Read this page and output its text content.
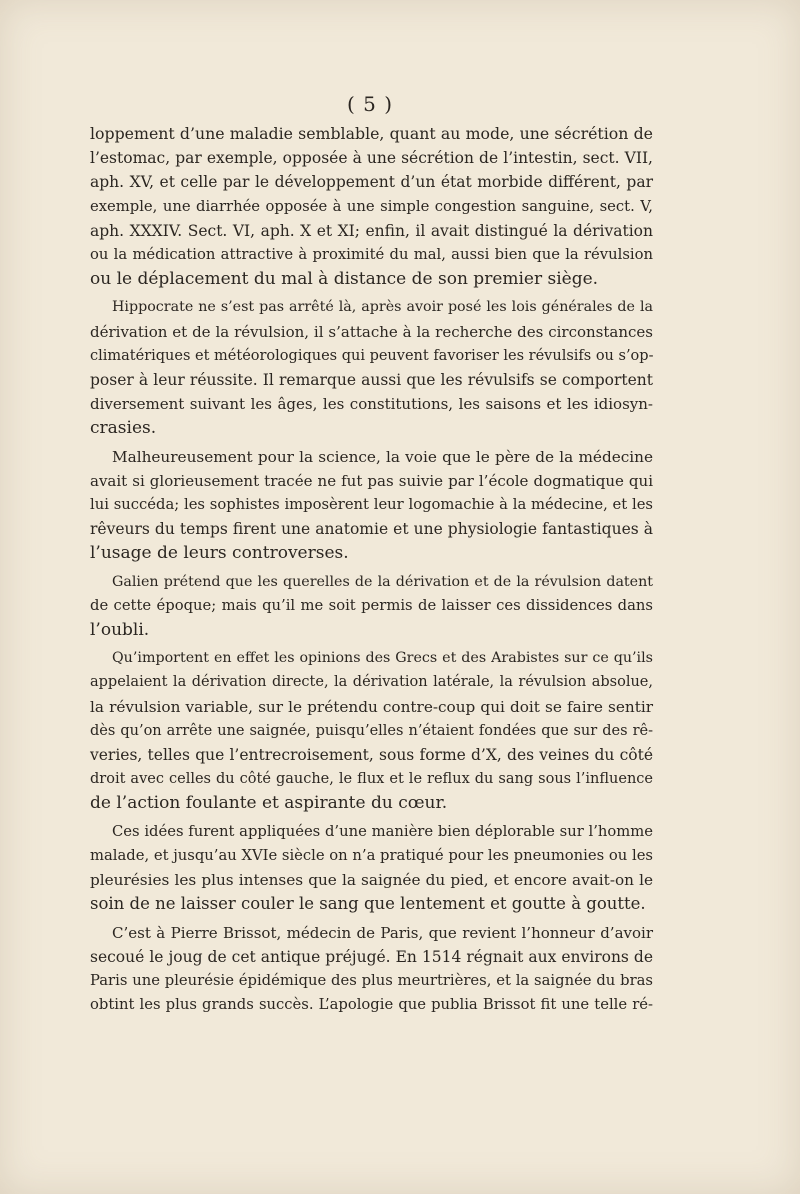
( 5 )
loppement d’une maladie semblable, quant au mode, une sécrétion de
l’estomac, par exemple, opposée à une sécrétion de l’intestin, sect. VII,
aph. XV, et celle par le développement d’un état morbide différent, par
exemple, une diarrhée opposée à une simple congestion sanguine, sect. V,
aph. XXXIV. Sect. VI, aph. X et XI; enfin, il avait distingué la dérivation
ou la médication attractive à proximité du mal, aussi bien que la révulsion
ou le déplacement du mal à distance de son premier siège.
Hippocrate ne s’est pas arrêté là, après avoir posé les lois générales de la
dérivation et de la révulsion, il s’attache à la recherche des circonstances
climatériques et météorologiques qui peuvent favoriser les révulsifs ou s’op-
poser à leur réussite. Il remarque aussi que les révulsifs se comportent
diversement suivant les âges, les constitutions, les saisons et les idiosyn-
crasies.
Malheureusement pour la science, la voie que le père de la médecine
avait si glorieusement tracée ne fut pas suivie par l’école dogmatique qui
lui succéda; les sophistes imposèrent leur logomachie à la médecine, et les
rêveurs du temps firent une anatomie et une physiologie fantastiques à
l’usage de leurs controverses.
Galien prétend que les querelles de la dérivation et de la révulsion datent
de cette époque; mais qu’il me soit permis de laisser ces dissidences dans
l’oubli.
Qu’importent en effet les opinions des Grecs et des Arabistes sur ce qu’ils
appelaient la dérivation directe, la dérivation latérale, la révulsion absolue,
la révulsion variable, sur le prétendu contre-coup qui doit se faire sentir
dès qu’on arrête une saignée, puisqu’elles n’étaient fondées que sur des rê-
veries, telles que l’entrecroisement, sous forme d’X, des veines du côté
droit avec celles du côté gauche, le flux et le reflux du sang sous l’influence
de l’action foulante et aspirante du cœur.
Ces idées furent appliquées d’une manière bien déplorable sur l’homme
malade, et jusqu’au XVIe siècle on n’a pratiqué pour les pneumonies ou les
pleurésies les plus intenses que la saignée du pied, et encore avait-on le
soin de ne laisser couler le sang que lentement et goutte à goutte.
C’est à Pierre Brissot, médecin de Paris, que revient l’honneur d’avoir
secoué le joug de cet antique préjugé. En 1514 régnait aux environs de
Paris une pleurésie épidémique des plus meurtrières, et la saignée du bras
obtint les plus grands succès. L’apologie que publia Brissot fit une telle ré-
